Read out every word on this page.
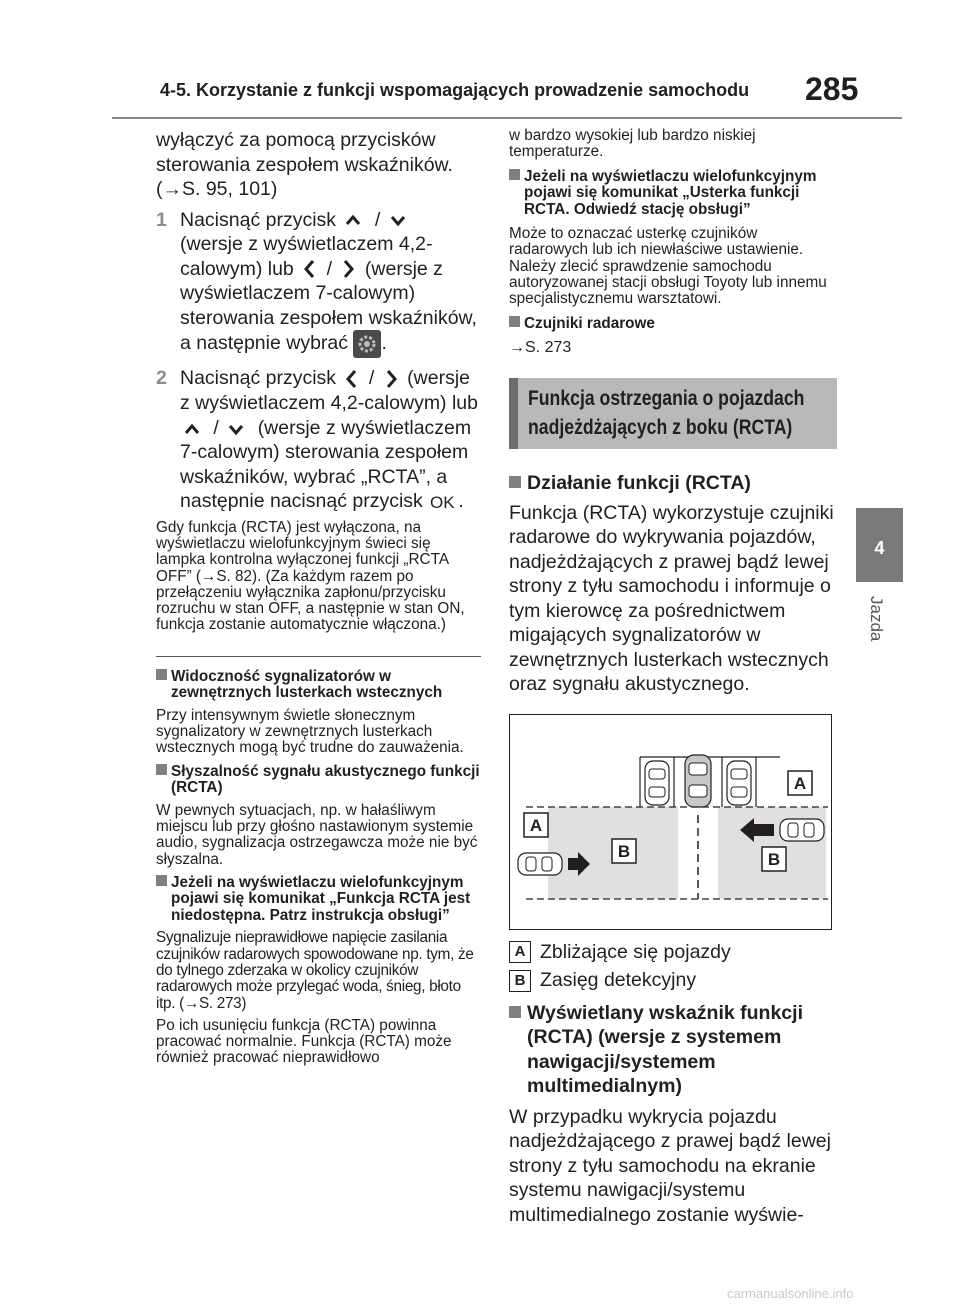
4-5. Korzystanie z funkcji wspomagających prowadzenie samochodu 285
4
Jazda
wyłączyć za pomocą przycisków sterowania zespołem wskaźników. (→S. 95, 101)
1 Nacisnąć przycisk  /  (wersje z wyświetlaczem 4,2-calowym) lub  /  (wersje z wyświetlaczem 7-calowym) sterowania zespołem wskaźników, a następnie wybrać .
2 Nacisnąć przycisk  /  (wersje z wyświetlaczem 4,2-calowym) lub  /  (wersje z wyświetlaczem 7-calowym) sterowania zespołem wskaźników, wybrać „RCTA”, a następnie nacisnąć przycisk OK .
Gdy funkcja (RCTA) jest wyłączona, na wyświetlaczu wielofunkcyjnym świeci się lampka kontrolna wyłączonej funkcji „RCTA OFF” (→S. 82). (Za każdym razem po przełączeniu wyłącznika zapłonu/przycisku rozruchu w stan OFF, a następnie w stan ON, funkcja zostanie automatycznie włączona.)
Widoczność sygnalizatorów w zewnętrznych lusterkach wstecznych
Przy intensywnym świetle słonecznym sygnalizatory w zewnętrznych lusterkach wstecznych mogą być trudne do zauważenia.
Słyszalność sygnału akustycznego funkcji (RCTA)
W pewnych sytuacjach, np. w hałaśliwym miejscu lub przy głośno nastawionym systemie audio, sygnalizacja ostrzegawcza może nie być słyszalna.
Jeżeli na wyświetlaczu wielofunkcyjnym pojawi się komunikat „Funkcja RCTA jest niedostępna. Patrz instrukcja obsługi”
Sygnalizuje nieprawidłowe napięcie zasilania czujników radarowych spowodowane np. tym, że do tylnego zderzaka w okolicy czujników radarowych może przylegać woda, śnieg, błoto itp. (→S. 273)
Po ich usunięciu funkcja (RCTA) powinna pracować normalnie. Funkcja (RCTA) może również pracować nieprawidłowo
w bardzo wysokiej lub bardzo niskiej temperaturze.
Jeżeli na wyświetlaczu wielofunkcyjnym pojawi się komunikat „Usterka funkcji RCTA. Odwiedź stację obsługi”
Może to oznaczać usterkę czujników radarowych lub ich niewłaściwe ustawienie. Należy zlecić sprawdzenie samochodu autoryzowanej stacji obsługi Toyoty lub innemu specjalistycznemu warsztatowi.
Czujniki radarowe
→S. 273
Funkcja ostrzegania o pojazdach
nadjeżdżających z boku (RCTA)
Działanie funkcji (RCTA)
Funkcja (RCTA) wykorzystuje czujniki radarowe do wykrywania pojazdów, nadjeżdżających z prawej bądź lewej strony z tyłu samochodu i informuje o tym kierowcę za pośrednictwem migających sygnalizatorów w zewnętrznych lusterkach wstecznych oraz sygnału akustycznego.
A
A
B	B
A Zbliżające się pojazdy
B Zasięg detekcyjny
Wyświetlany wskaźnik funkcji (RCTA) (wersje z systemem nawigacji/systemem multimedialnym)
W przypadku wykrycia pojazdu nadjeżdżającego z prawej bądź lewej strony z tyłu samochodu na ekranie systemu nawigacji/systemu multimedialnego zostanie wyświe-
carmanualsonline.info
